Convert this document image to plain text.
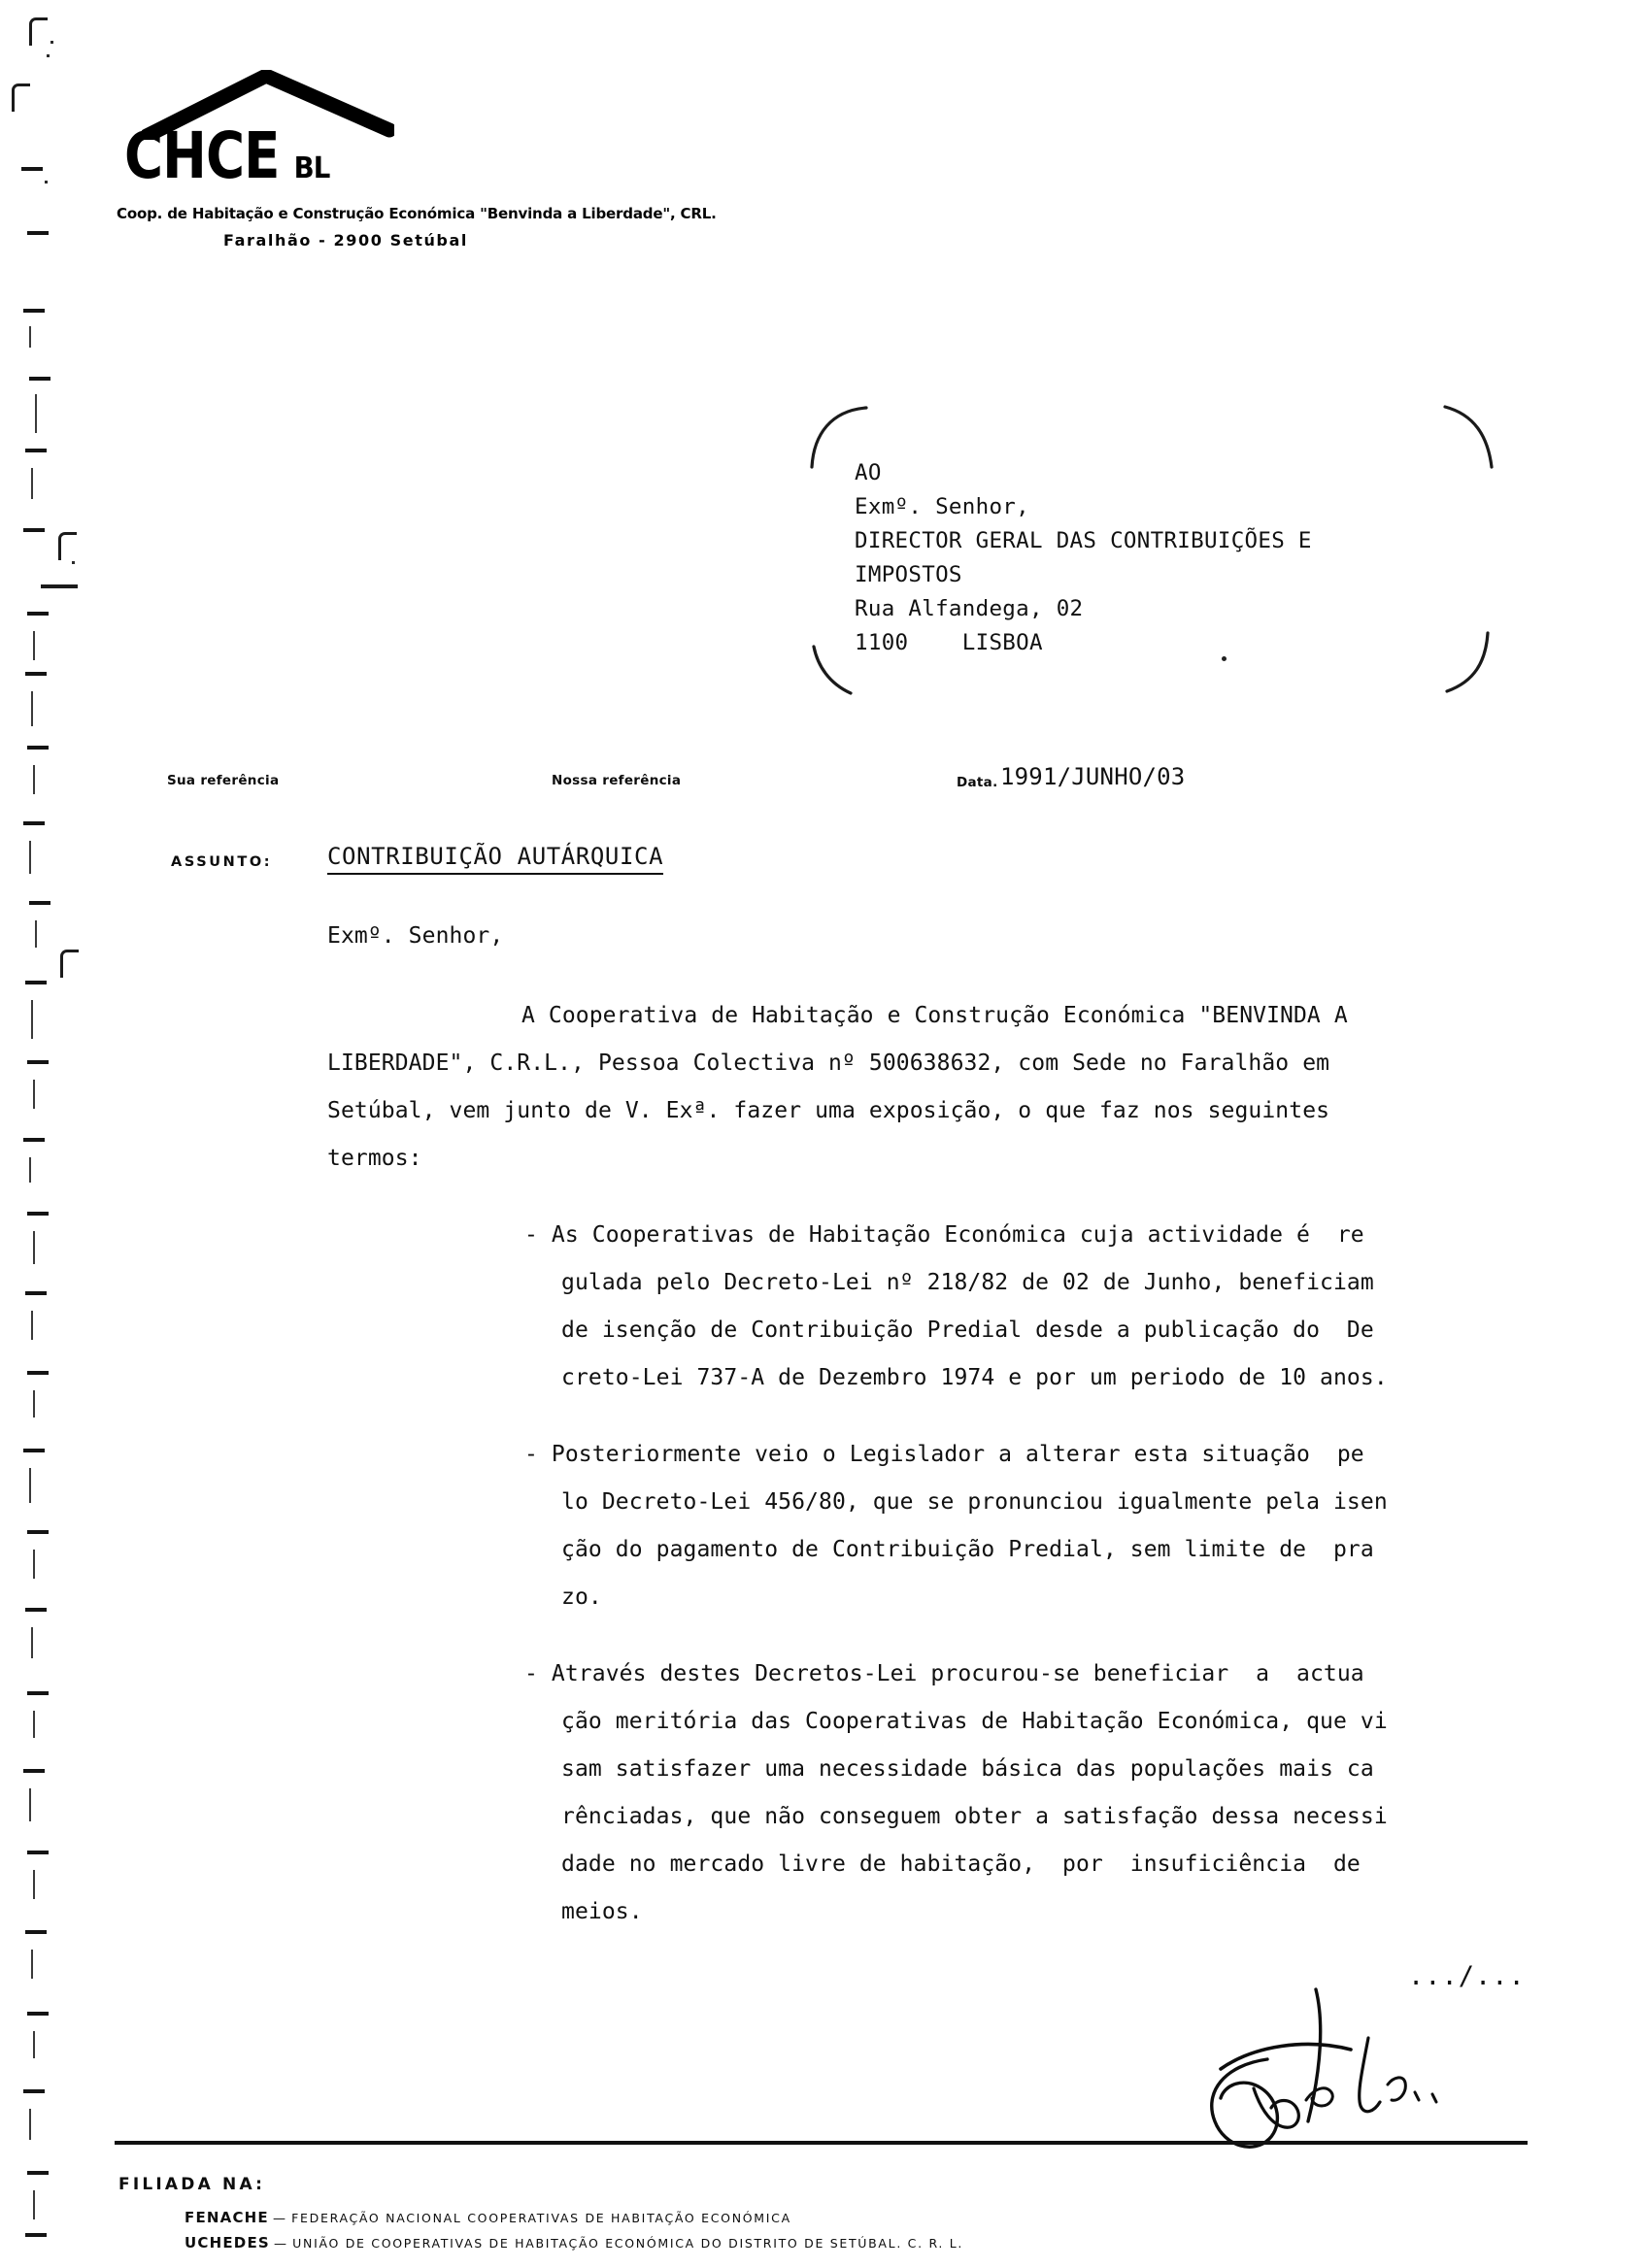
CHCE BL
Coop. de Habitação e Construção Económica "Benvinda a Liberdade", CRL.
Faralhão - 2900 Setúbal
AO
Exmº. Senhor,
DIRECTOR GERAL DAS CONTRIBUIÇÕES E
IMPOSTOS
Rua Alfandega, 02
1100    LISBOA
Sua referência	Nossa referência	Data. 1991/JUNHO/03
ASSUNTO: CONTRIBUIÇÃO AUTÁRQUICA
Exmº. Senhor,
A Cooperativa de Habitação e Construção Económica "BENVINDA A
LIBERDADE", C.R.L., Pessoa Colectiva nº 500638632, com Sede no Faralhão em
Setúbal, vem junto de V. Exª. fazer uma exposição, o que faz nos seguintes
termos:
- As Cooperativas de Habitação Económica cuja actividade é  re
gulada pelo Decreto-Lei nº 218/82 de 02 de Junho, beneficiam
de isenção de Contribuição Predial desde a publicação do  De
creto-Lei 737-A de Dezembro 1974 e por um periodo de 10 anos.
- Posteriormente veio o Legislador a alterar esta situação  pe
lo Decreto-Lei 456/80, que se pronunciou igualmente pela isen
ção do pagamento de Contribuição Predial, sem limite de  pra
zo.
- Através destes Decretos-Lei procurou-se beneficiar  a  actua
ção meritória das Cooperativas de Habitação Económica, que vi
sam satisfazer uma necessidade básica das populações mais ca
rênciadas, que não conseguem obter a satisfação dessa necessi
dade no mercado livre de habitação,  por  insuficiência  de
meios.
.../...
FILIADA NA:
FENACHE — FEDERAÇÃO NACIONAL COOPERATIVAS DE HABITAÇÃO ECONÓMICA
UCHEDES — UNIÃO DE COOPERATIVAS DE HABITAÇÃO ECONÓMICA DO DISTRITO DE SETÚBAL. C. R. L.
